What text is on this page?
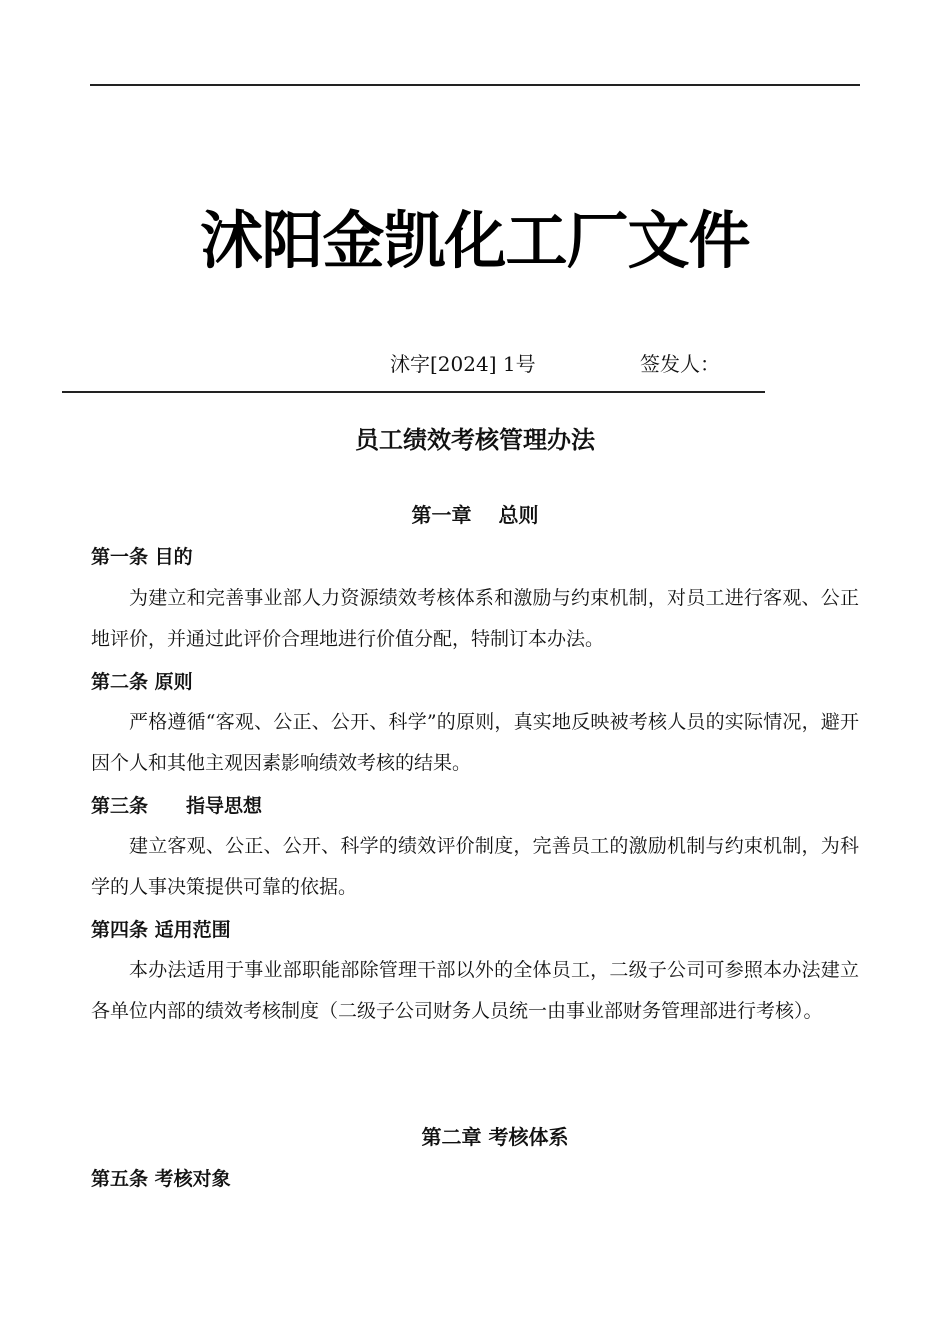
沭阳金凯化工厂文件
沭字[2024] 1号	签发人：
员工绩效考核管理办法
第一章　 总则
第一条 目的

为建立和完善事业部人力资源绩效考核体系和激励与约束机制，对员工进行客观、公正地评价，并通过此评价合理地进行价值分配，特制订本办法。

第二条 原则

严格遵循“客观、公正、公开、科学”的原则，真实地反映被考核人员的实际情况，避开因个人和其他主观因素影响绩效考核的结果。

第三条　　指导思想

建立客观、公正、公开、科学的绩效评价制度，完善员工的激励机制与约束机制，为科学的人事决策提供可靠的依据。

第四条 适用范围

本办法适用于事业部职能部除管理干部以外的全体员工，二级子公司可参照本办法建立各单位内部的绩效考核制度（二级子公司财务人员统一由事业部财务管理部进行考核）。

第二章 考核体系
第五条 考核对象
